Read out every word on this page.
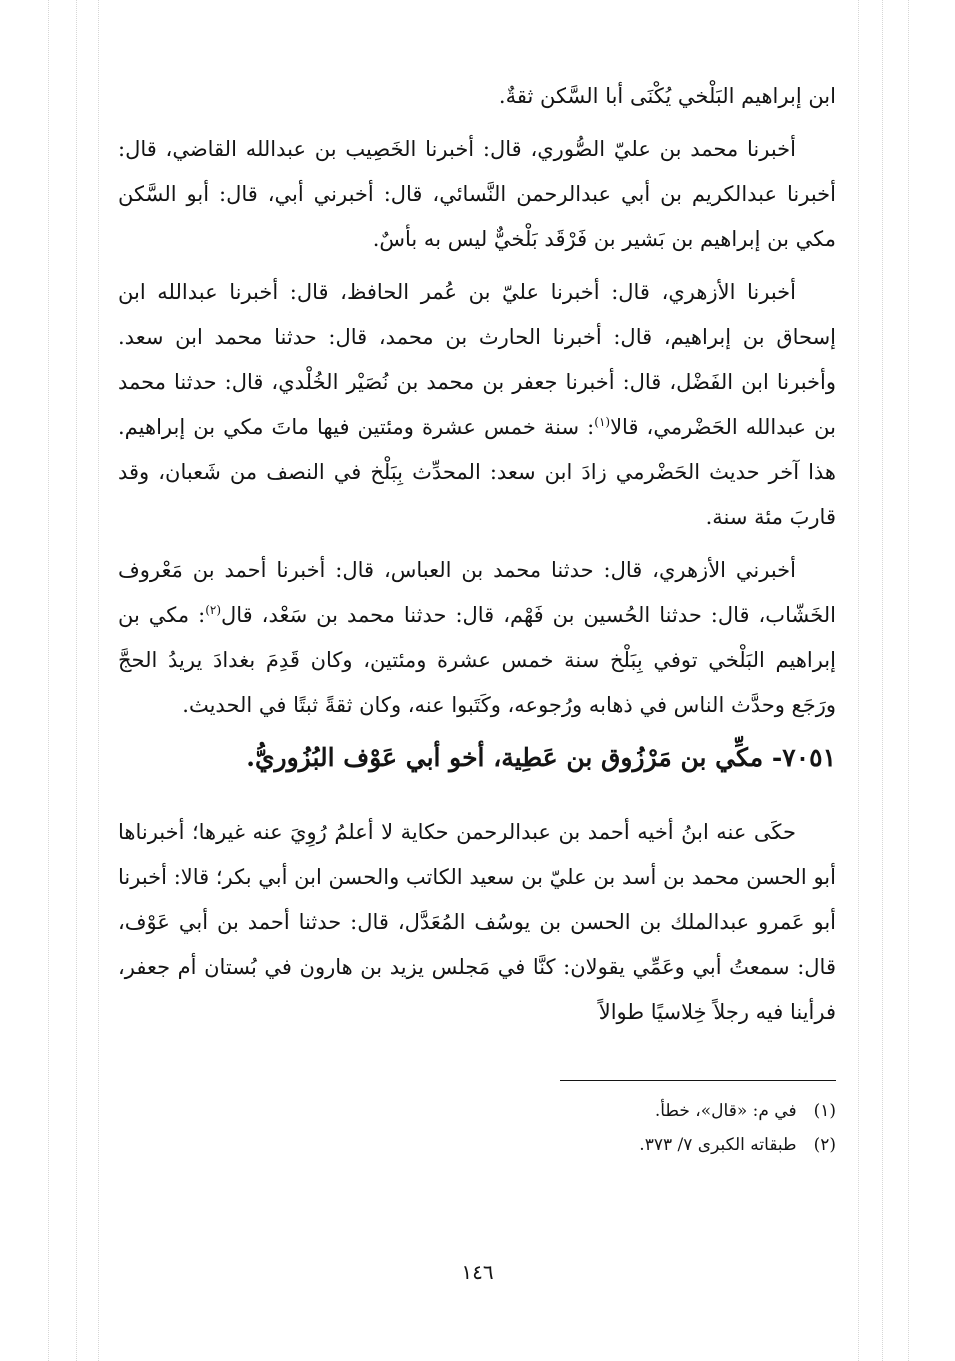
ابن إبراهيم البَلْخي يُكْنَى أبا السَّكن ثقةٌ.

أخبرنا محمد بن عليّ الصُّوري، قال: أخبرنا الخَصِيب بن عبدالله القاضي، قال: أخبرنا عبدالكريم بن أبي عبدالرحمن النَّسائي، قال: أخبرني أبي، قال: أبو السَّكن مكي بن إبراهيم بن بَشير بن فَرْقَد بَلْخيٌّ ليس به بأسٌ.

أخبرنا الأزهري، قال: أخبرنا عليّ بن عُمر الحافظ، قال: أخبرنا عبدالله ابن إسحاق بن إبراهيم، قال: أخبرنا الحارث بن محمد، قال: حدثنا محمد ابن سعد. وأخبرنا ابن الفَضْل، قال: أخبرنا جعفر بن محمد بن نُصَيْر الخُلْدي، قال: حدثنا محمد بن عبدالله الحَضْرمي، قالا$^{(١)}$: سنة خمس عشرة ومئتين فيها ماتَ مكي بن إبراهيم. هذا آخر حديث الحَضْرمي زادَ ابن سعد: المحدِّث بِبَلْخ في النصف من شَعبان، وقد قاربَ مئة سنة.

أخبرني الأزهري، قال: حدثنا محمد بن العباس، قال: أخبرنا أحمد بن مَعْروف الخَشّاب، قال: حدثنا الحُسين بن فَهْم، قال: حدثنا محمد بن سَعْد، قال$^{(٢)}$: مكي بن إبراهيم البَلْخي توفي بِبَلْخ سنة خمس عشرة ومئتين، وكان قَدِمَ بغدادَ يريدُ الحجَّ ورَجَع وحدَّث الناس في ذهابه ورُجوعه، وكَتَبوا عنه، وكان ثقةً ثبتًا في الحديث.

٧٠٥١- مكِّي بن مَرْزُوق بن عَطِية، أخو أبي عَوْف البُزُوريُّ.

حكَى عنه ابنُ أخيه أحمد بن عبدالرحمن حكاية لا أعلمُ رُوِيَ عنه غيرها؛ أخبرناها أبو الحسن محمد بن أسد بن عليّ بن سعيد الكاتب والحسن ابن أبي بكر؛ قالا: أخبرنا أبو عَمرو عبدالملك بن الحسن بن يوسُف المُعَدَّل، قال: حدثنا أحمد بن أبي عَوْف، قال: سمعتُ أبي وعَمِّي يقولان: كنَّا في مَجلس يزيد بن هارون في بُستان أم جعفر، فرأينا فيه رجلاً خِلاسيًا طوالاً

(١) في م: «قال»، خطأ.

(٢) طبقاته الكبرى ٧/ ٣٧٣.

١٤٦
